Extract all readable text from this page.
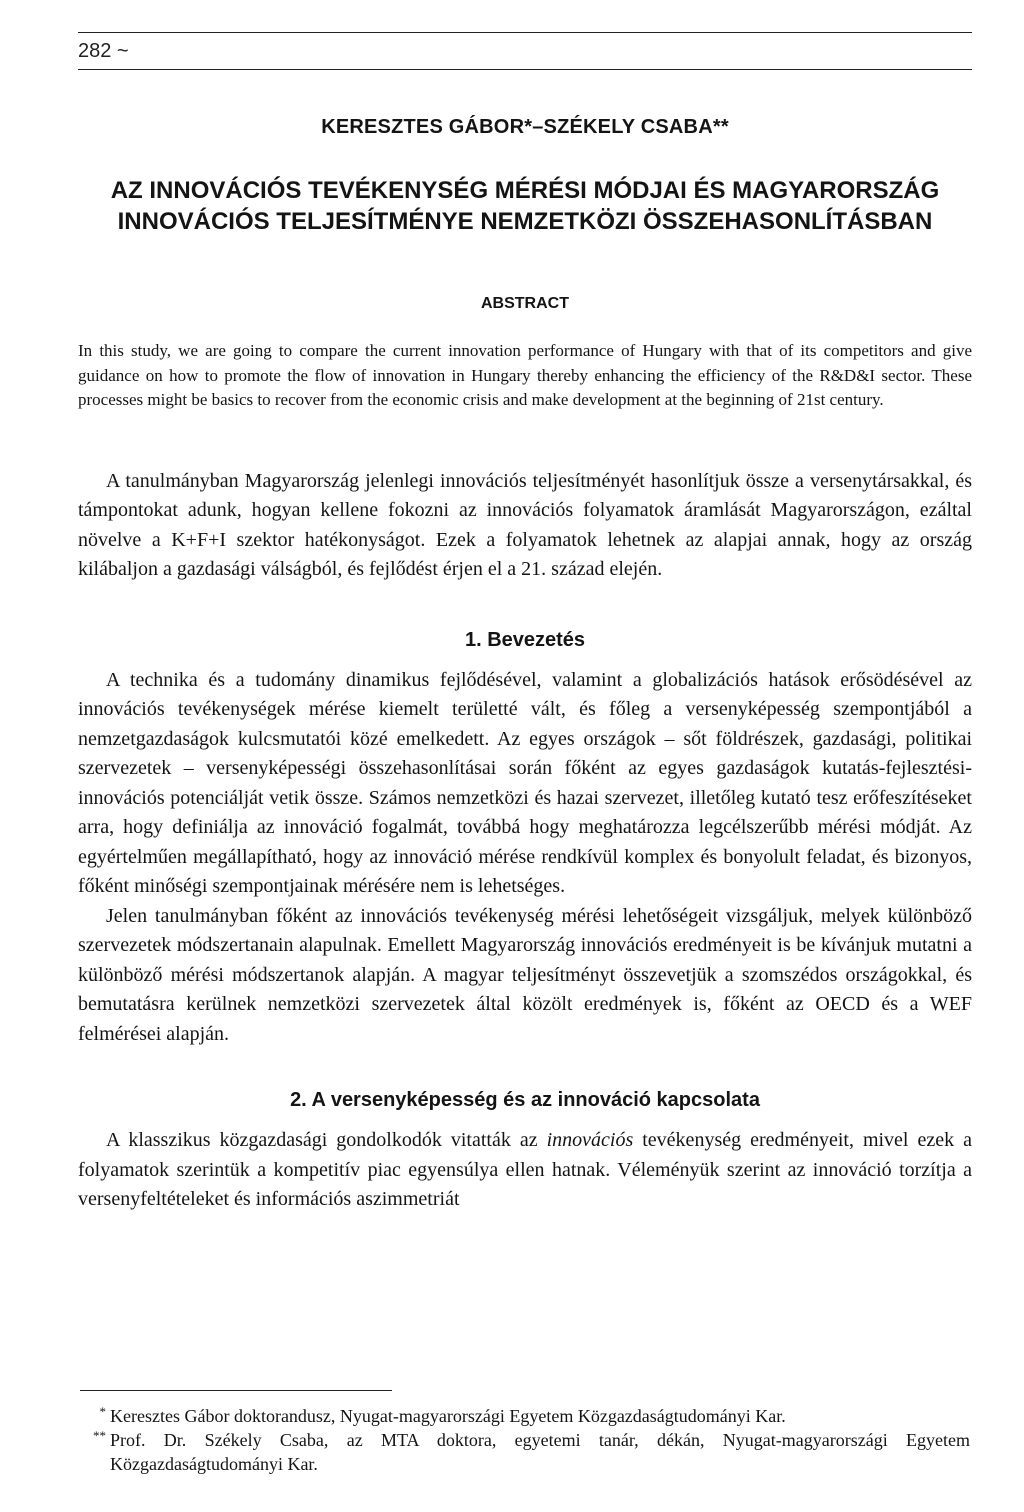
282 ~
KERESZTES GÁBOR*–SZÉKELY CSABA**
AZ INNOVÁCIÓS TEVÉKENYSÉG MÉRÉSI MÓDJAI ÉS MAGYARORSZÁG
INNOVÁCIÓS TELJESÍTMÉNYE NEMZETKÖZI ÖSSZEHASONLÍTÁSBAN
ABSTRACT
In this study, we are going to compare the current innovation performance of Hungary with that of its competitors and give guidance on how to promote the flow of innovation in Hungary thereby enhancing the efficiency of the R&D&I sector. These processes might be basics to recover from the economic crisis and make development at the beginning of 21st century.
A tanulmányban Magyarország jelenlegi innovációs teljesítményét hasonlítjuk össze a versenytársakkal, és támpontokat adunk, hogyan kellene fokozni az innovációs folyamatok áramlását Magyarországon, ezáltal növelve a K+F+I szektor hatékonyságot. Ezek a folyamatok lehetnek az alapjai annak, hogy az ország kilábaljon a gazdasági válságból, és fejlődést érjen el a 21. század elején.
1. Bevezetés

A technika és a tudomány dinamikus fejlődésével, valamint a globalizációs hatások erősödésével az innovációs tevékenységek mérése kiemelt területté vált, és főleg a versenyképesség szempontjából a nemzetgazdaságok kulcsmutatói közé emelkedett. Az egyes országok – sőt földrészek, gazdasági, politikai szervezetek – versenyképességi összehasonlításai során főként az egyes gazdaságok kutatás-fejlesztési-innovációs potenciálját vetik össze. Számos nemzetközi és hazai szervezet, illetőleg kutató tesz erőfeszítéseket arra, hogy definiálja az innováció fogalmát, továbbá hogy meghatározza legcélszerűbb mérési módját. Az egyértelműen megállapítható, hogy az innováció mérése rendkívül komplex és bonyolult feladat, és bizonyos, főként minőségi szempontjainak mérésére nem is lehetséges.

Jelen tanulmányban főként az innovációs tevékenység mérési lehetőségeit vizsgáljuk, melyek különböző szervezetek módszertanain alapulnak. Emellett Magyarország innovációs eredményeit is be kívánjuk mutatni a különböző mérési módszertanok alapján. A magyar teljesítményt összevetjük a szomszédos országokkal, és bemutatásra kerülnek nemzetközi szervezetek által közölt eredmények is, főként az OECD és a WEF felmérései alapján.

2. A versenyképesség és az innováció kapcsolata

A klasszikus közgazdasági gondolkodók vitatták az innovációs tevékenység eredményeit, mivel ezek a folyamatok szerintük a kompetitív piac egyensúlya ellen hatnak. Véleményük szerint az innováció torzítja a versenyfeltételeket és információs aszimmetriát

* Keresztes Gábor doktorandusz, Nyugat-magyarországi Egyetem Közgazdaságtudományi Kar.
** Prof. Dr. Székely Csaba, az MTA doktora, egyetemi tanár, dékán, Nyugat-magyarországi Egyetem Közgazdaságtudományi Kar.
